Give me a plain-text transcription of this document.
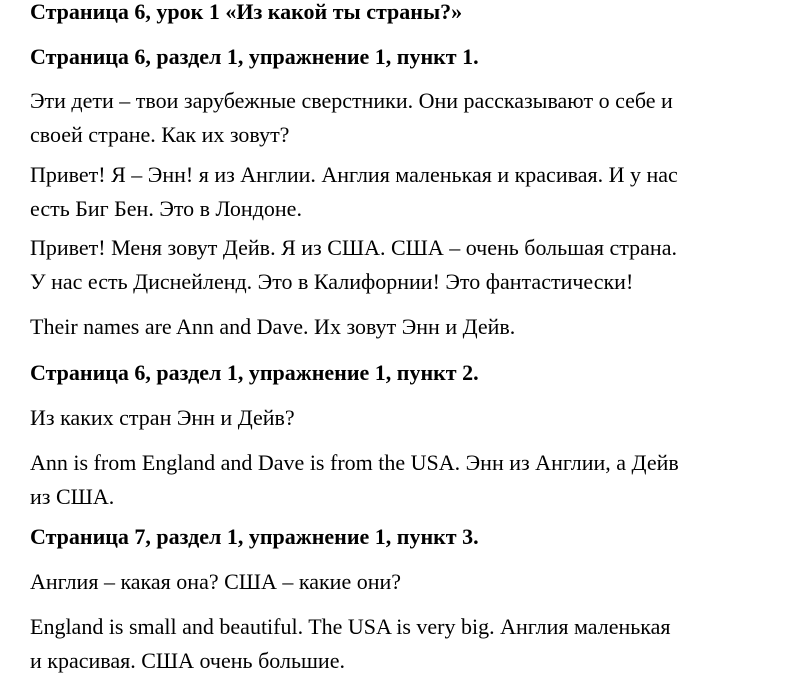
Страница 6, урок 1 «Из какой ты страны?»
Страница 6, раздел 1, упражнение 1, пункт 1.
Эти дети – твои зарубежные сверстники. Они рассказывают о себе и
своей стране. Как их зовут?
Привет! Я – Энн! я из Англии. Англия маленькая и красивая. И у нас
есть Биг Бен. Это в Лондоне.
Привет! Меня зовут Дейв. Я из США. США – очень большая страна.
У нас есть Диснейленд. Это в Калифорнии! Это фантастически!
Their names are Ann and Dave. Их зовут Энн и Дейв.
Страница 6, раздел 1, упражнение 1, пункт 2.
Из каких стран Энн и Дейв?
Ann is from England and Dave is from the USA. Энн из Англии, а Дейв
из США.
Страница 7, раздел 1, упражнение 1, пункт 3.
Англия – какая она? США – какие они?
England is small and beautiful. The USA is very big. Англия маленькая
и красивая. США очень большие.
